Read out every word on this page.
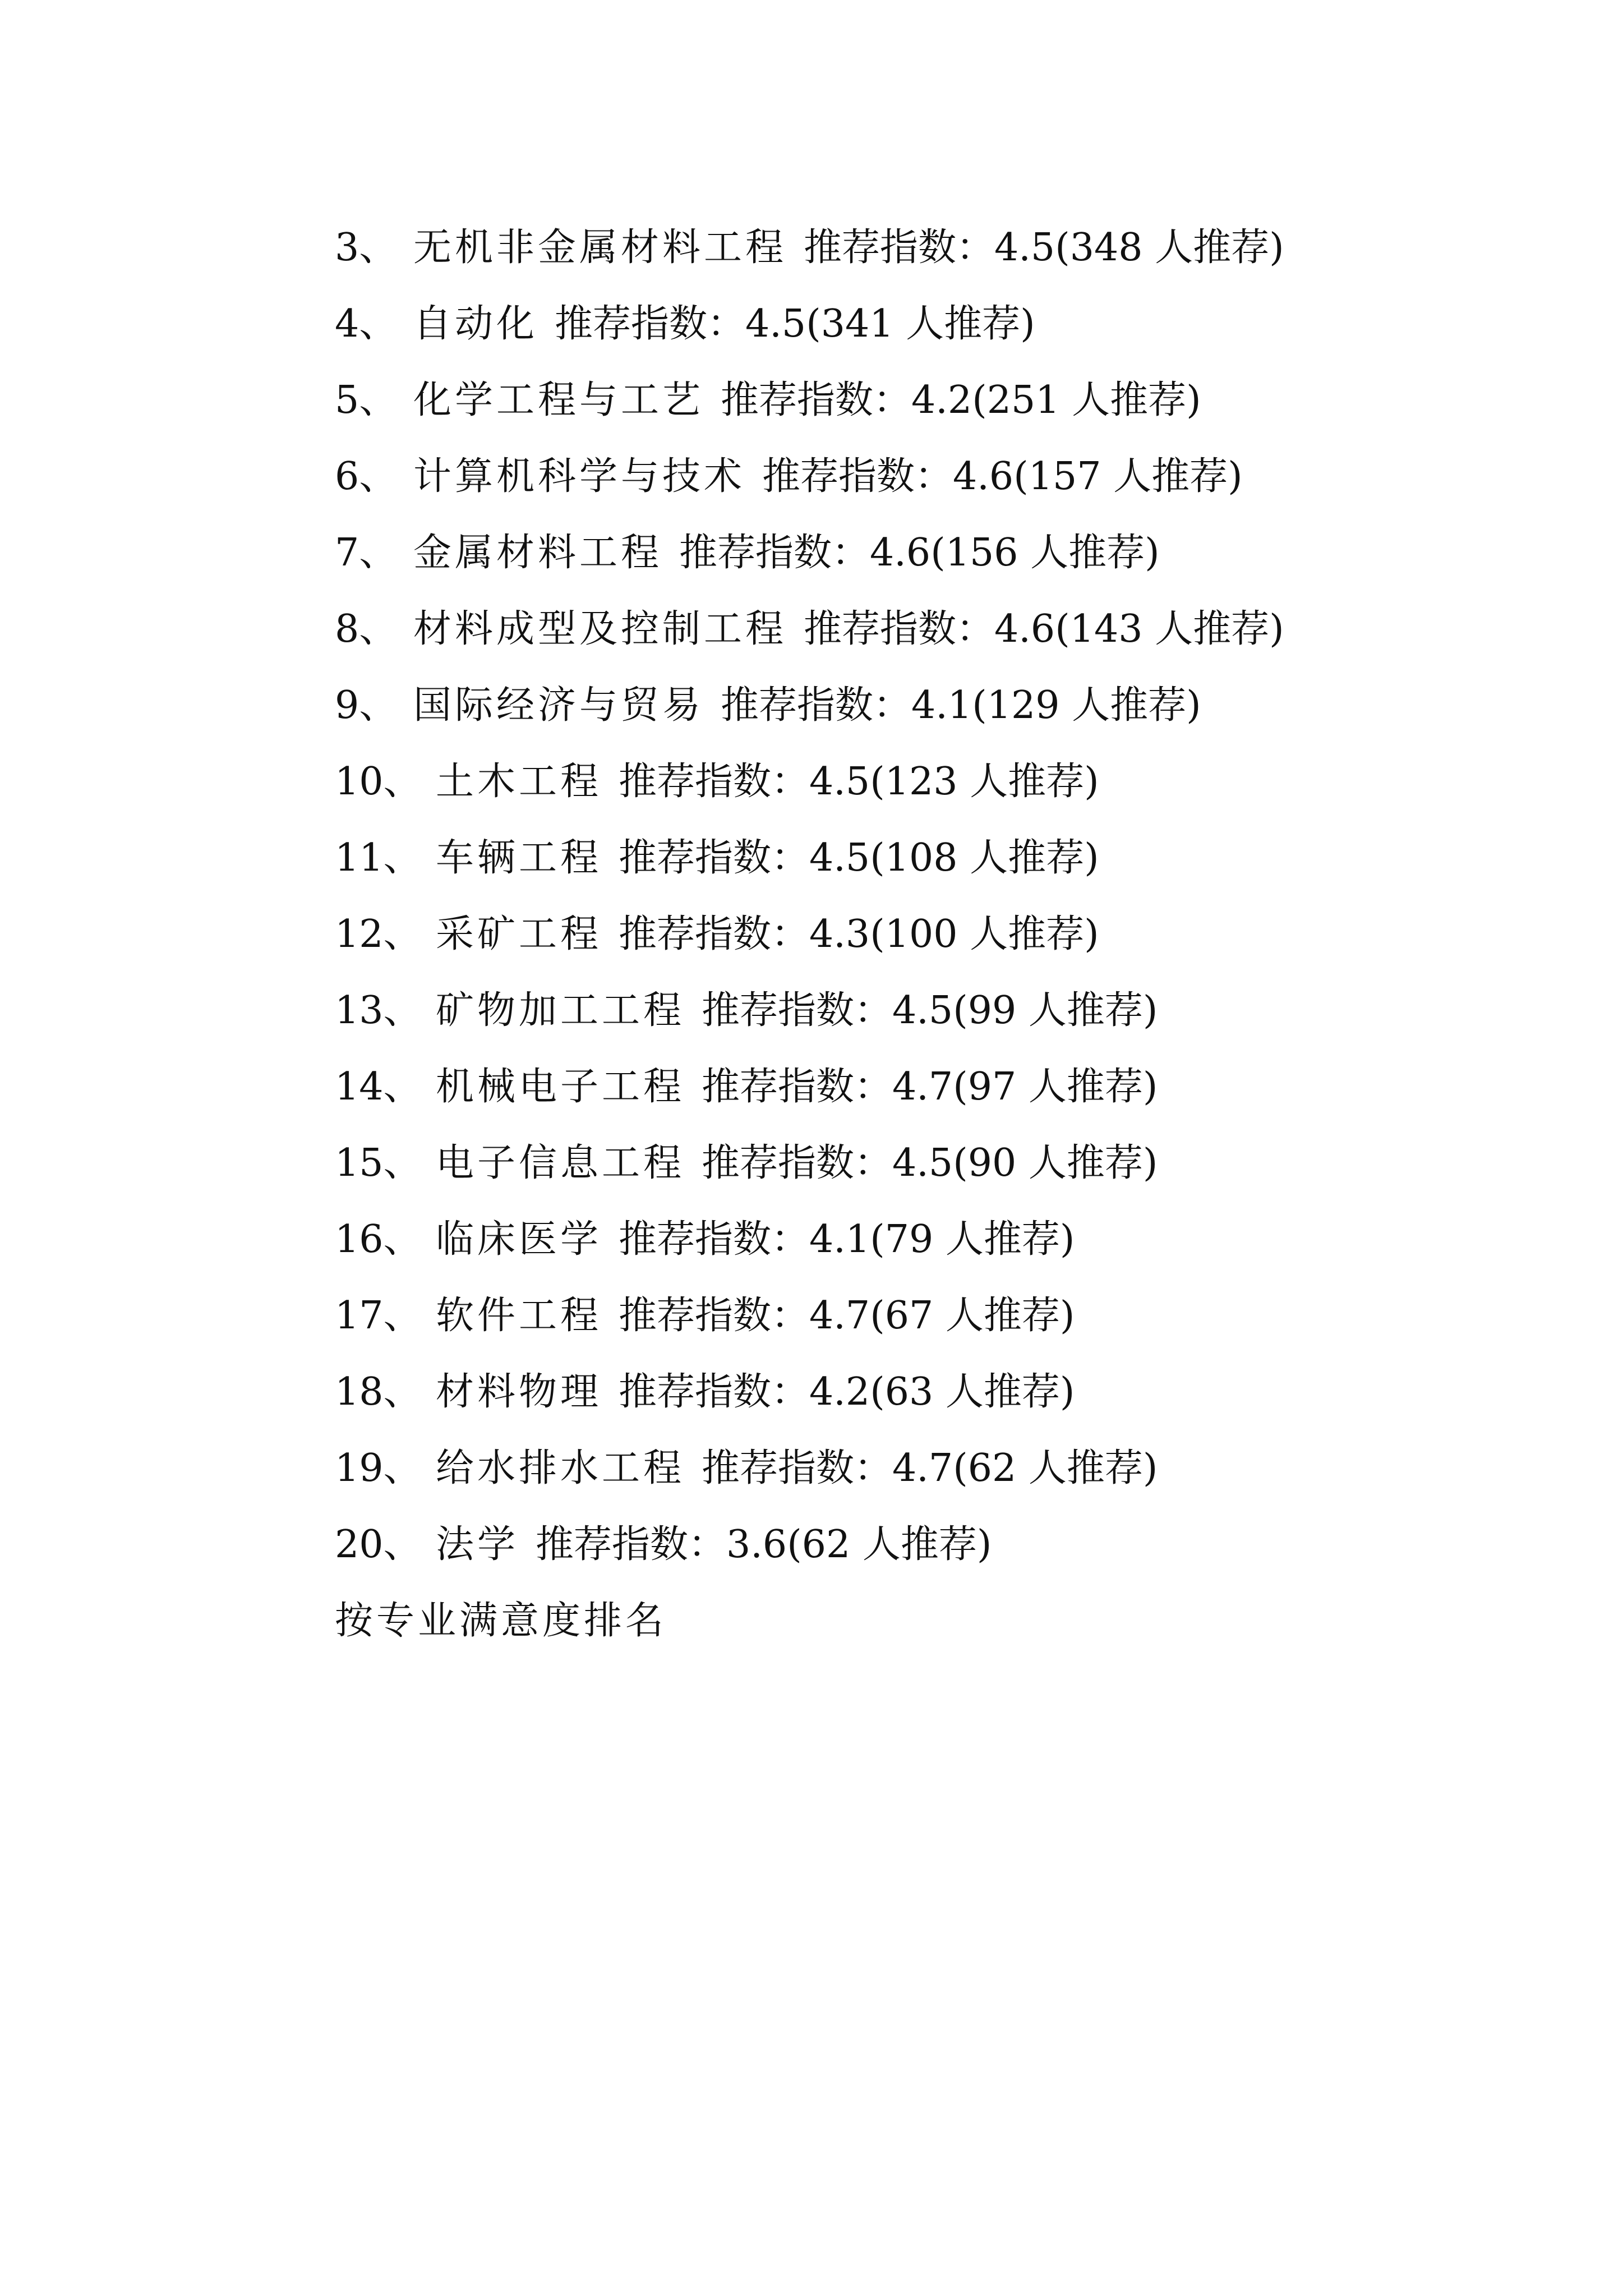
3、 无机非金属材料工程 推荐指数：4.5(348 人推荐)
4、 自动化 推荐指数：4.5(341 人推荐)
5、 化学工程与工艺 推荐指数：4.2(251 人推荐)
6、 计算机科学与技术 推荐指数：4.6(157 人推荐)
7、 金属材料工程 推荐指数：4.6(156 人推荐)
8、 材料成型及控制工程 推荐指数：4.6(143 人推荐)
9、 国际经济与贸易 推荐指数：4.1(129 人推荐)
10、 土木工程 推荐指数：4.5(123 人推荐)
11、 车辆工程 推荐指数：4.5(108 人推荐)
12、 采矿工程 推荐指数：4.3(100 人推荐)
13、 矿物加工工程 推荐指数：4.5(99 人推荐)
14、 机械电子工程 推荐指数：4.7(97 人推荐)
15、 电子信息工程 推荐指数：4.5(90 人推荐)
16、 临床医学 推荐指数：4.1(79 人推荐)
17、 软件工程 推荐指数：4.7(67 人推荐)
18、 材料物理 推荐指数：4.2(63 人推荐)
19、 给水排水工程 推荐指数：4.7(62 人推荐)
20、 法学 推荐指数：3.6(62 人推荐)
按专业满意度排名
